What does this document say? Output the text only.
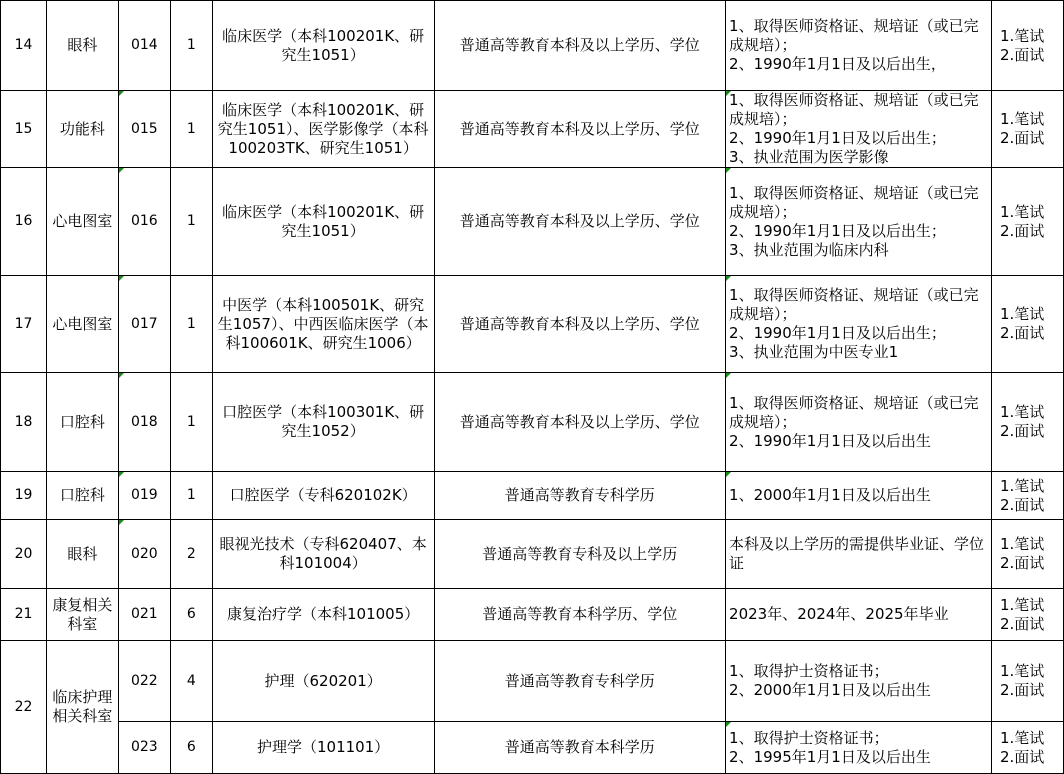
14	眼科	014	1	临床医学（本科100201K、研究生1051）	普通高等教育本科及以上学历、学位	1、取得医师资格证、规培证（或已完成规培）；
2、1990年1月1日及以后出生，	1.笔试
2.面试

15	功能科	015	1	临床医学（本科100201K、研究生1051）、医学影像学（本科100203TK、研究生1051）	普通高等教育本科及以上学历、学位	1、取得医师资格证、规培证（或已完成规培）；
2、1990年1月1日及以后出生；
3、执业范围为医学影像	1.笔试
2.面试

16	心电图室	016	1	临床医学（本科100201K、研究生1051）	普通高等教育本科及以上学历、学位	1、取得医师资格证、规培证（或已完成规培）；
2、1990年1月1日及以后出生；
3、执业范围为临床内科	1.笔试
2.面试

17	心电图室	017	1	中医学（本科100501K、研究生1057）、中西医临床医学（本科100601K、研究生1006）	普通高等教育本科及以上学历、学位	1、取得医师资格证、规培证（或已完成规培）；
2、1990年1月1日及以后出生；
3、执业范围为中医专业1	1.笔试
2.面试

18	口腔科	018	1	口腔医学（本科100301K、研究生1052）	普通高等教育本科及以上学历、学位	1、取得医师资格证、规培证（或已完成规培）；
2、1990年1月1日及以后出生	1.笔试
2.面试

19	口腔科	019	1	口腔医学（专科620102K）	普通高等教育专科学历	1、2000年1月1日及以后出生	1.笔试
2.面试

20	眼科	020	2	眼视光技术（专科620407、本科101004）	普通高等教育专科及以上学历	本科及以上学历的需提供毕业证、学位证	1.笔试
2.面试

21	康复相关科室	021	6	康复治疗学（本科101005）	普通高等教育本科学历、学位	2023年、2024年、2025年毕业	1.笔试
2.面试

22	临床护理相关科室	022	4	护理（620201）	普通高等教育专科学历	1、取得护士资格证书；
2、2000年1月1日及以后出生	1.笔试
2.面试

		023	6	护理学（101101）	普通高等教育本科学历	1、取得护士资格证书；
2、1995年1月1日及以后出生	1.笔试
2.面试
